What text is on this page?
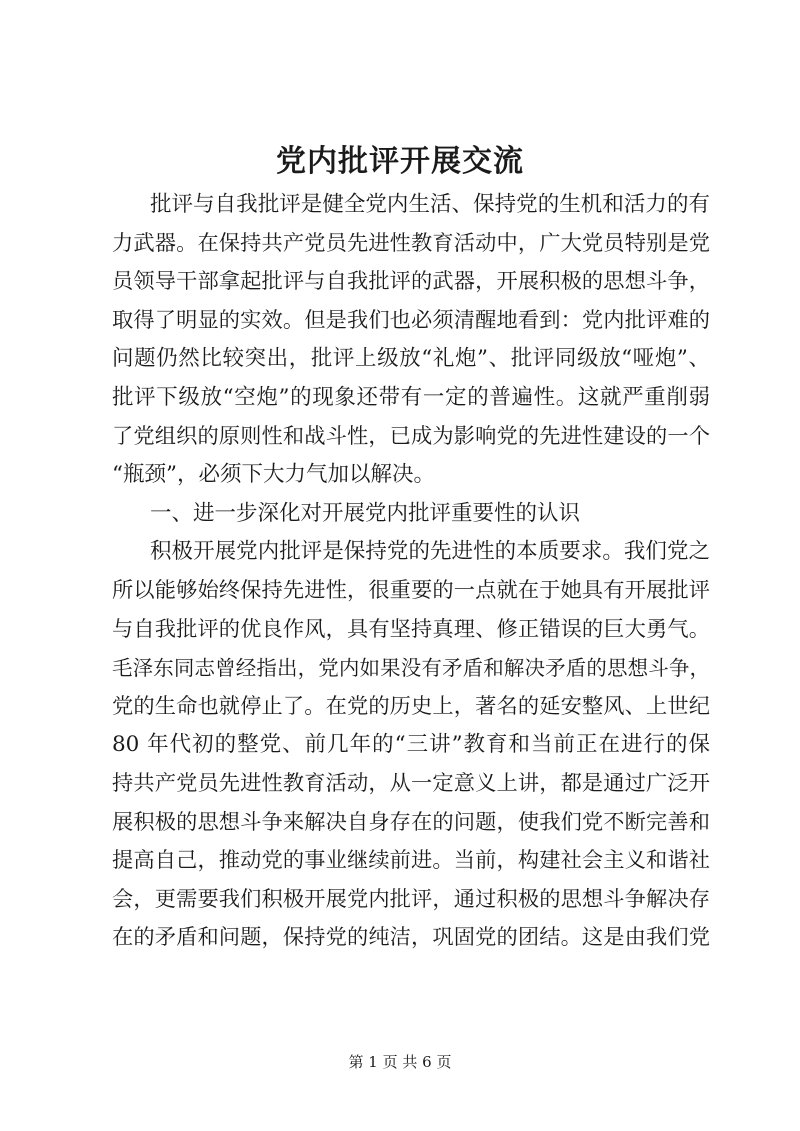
党内批评开展交流
批评与自我批评是健全党内生活、保持党的生机和活力的有
力武器。在保持共产党员先进性教育活动中，广大党员特别是党
员领导干部拿起批评与自我批评的武器，开展积极的思想斗争，
取得了明显的实效。但是我们也必须清醒地看到：党内批评难的
问题仍然比较突出，批评上级放“礼炮”、批评同级放“哑炮”、
批评下级放“空炮”的现象还带有一定的普遍性。这就严重削弱
了党组织的原则性和战斗性，已成为影响党的先进性建设的一个
“瓶颈”，必须下大力气加以解决。
一、进一步深化对开展党内批评重要性的认识
积极开展党内批评是保持党的先进性的本质要求。我们党之
所以能够始终保持先进性，很重要的一点就在于她具有开展批评
与自我批评的优良作风，具有坚持真理、修正错误的巨大勇气。
毛泽东同志曾经指出，党内如果没有矛盾和解决矛盾的思想斗争，
党的生命也就停止了。在党的历史上，著名的延安整风、上世纪
80 年代初的整党、前几年的“三讲”教育和当前正在进行的保
持共产党员先进性教育活动，从一定意义上讲，都是通过广泛开
展积极的思想斗争来解决自身存在的问题，使我们党不断完善和
提高自己，推动党的事业继续前进。当前，构建社会主义和谐社
会，更需要我们积极开展党内批评，通过积极的思想斗争解决存
在的矛盾和问题，保持党的纯洁，巩固党的团结。这是由我们党
第 1 页 共 6 页
